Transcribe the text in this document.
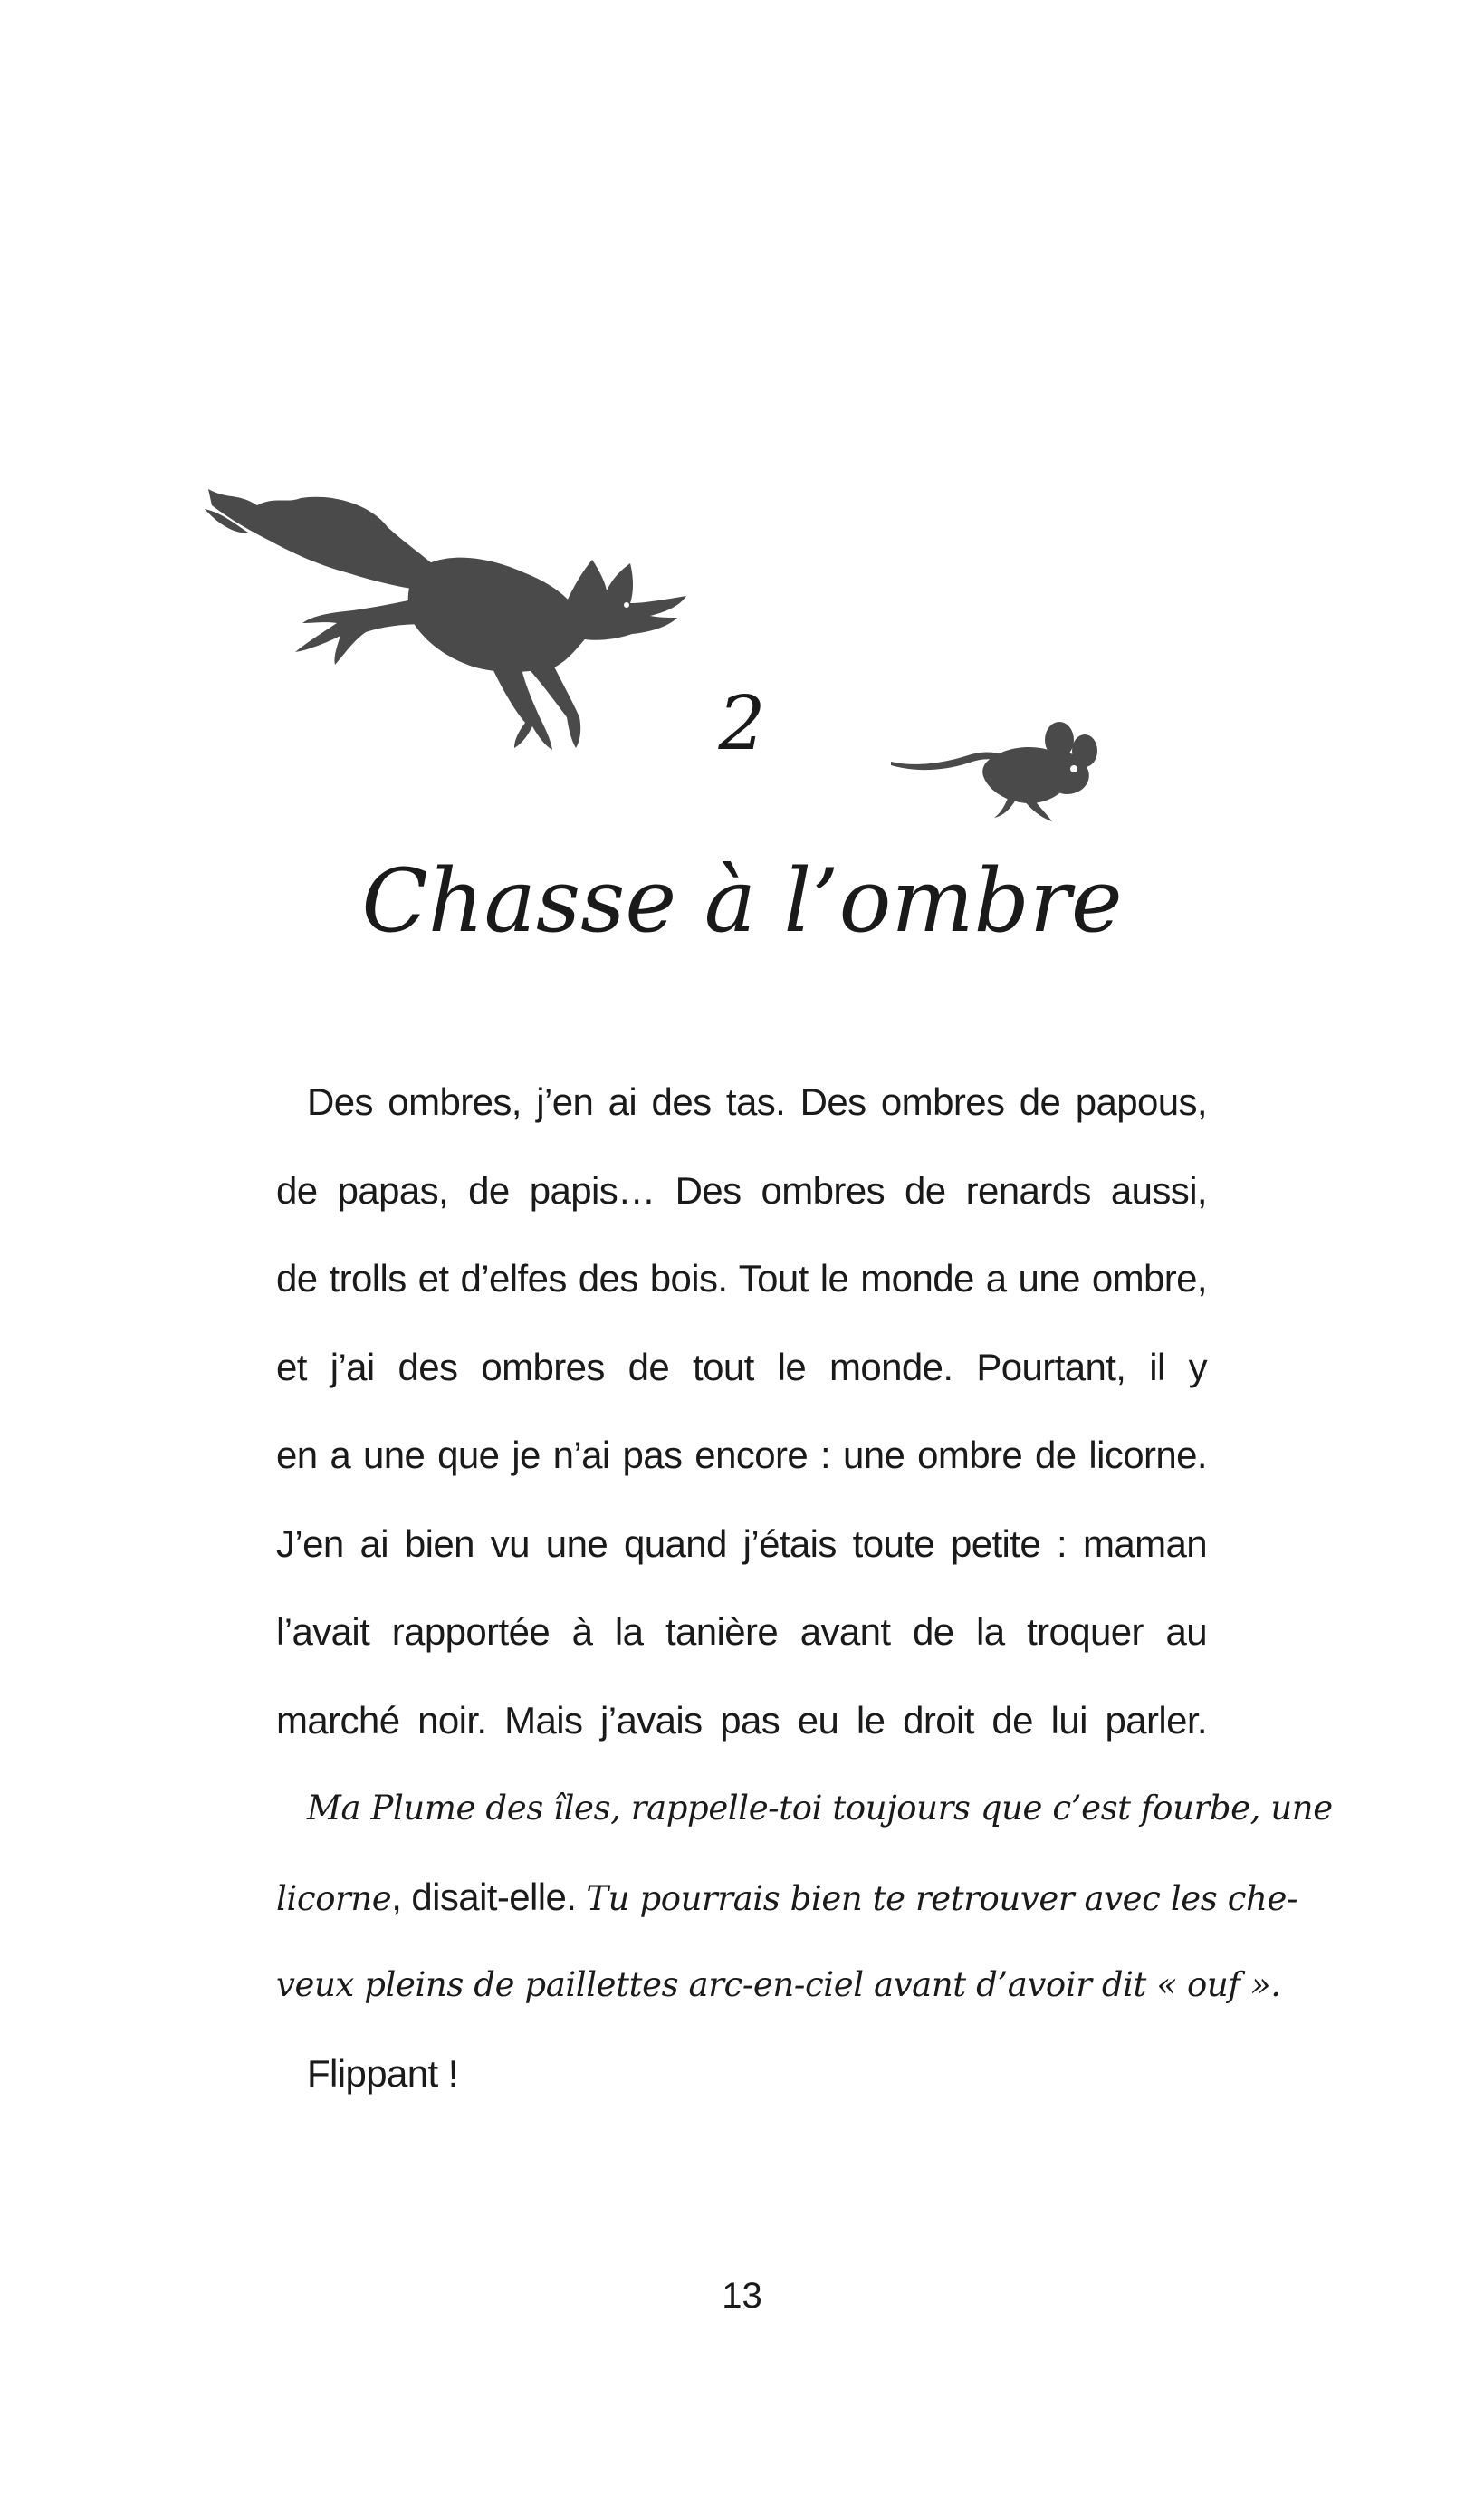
2
Chasse à l’ombre
Des ombres, j’en ai des tas. Des ombres de papous,
de papas, de papis… Des ombres de renards aussi,
de trolls et d’elfes des bois. Tout le monde a une ombre,
et j’ai des ombres de tout le monde. Pourtant, il y
en a une que je n’ai pas encore : une ombre de licorne.
J’en ai bien vu une quand j’étais toute petite : maman
l’avait rapportée à la tanière avant de la troquer au
marché noir. Mais j’avais pas eu le droit de lui parler.
Ma Plume des îles, rappelle-toi toujours que c’est fourbe, une
licorne, disait-elle. Tu pourrais bien te retrouver avec les che-
veux pleins de paillettes arc-en-ciel avant d’avoir dit « ouf ».
Flippant !
13
